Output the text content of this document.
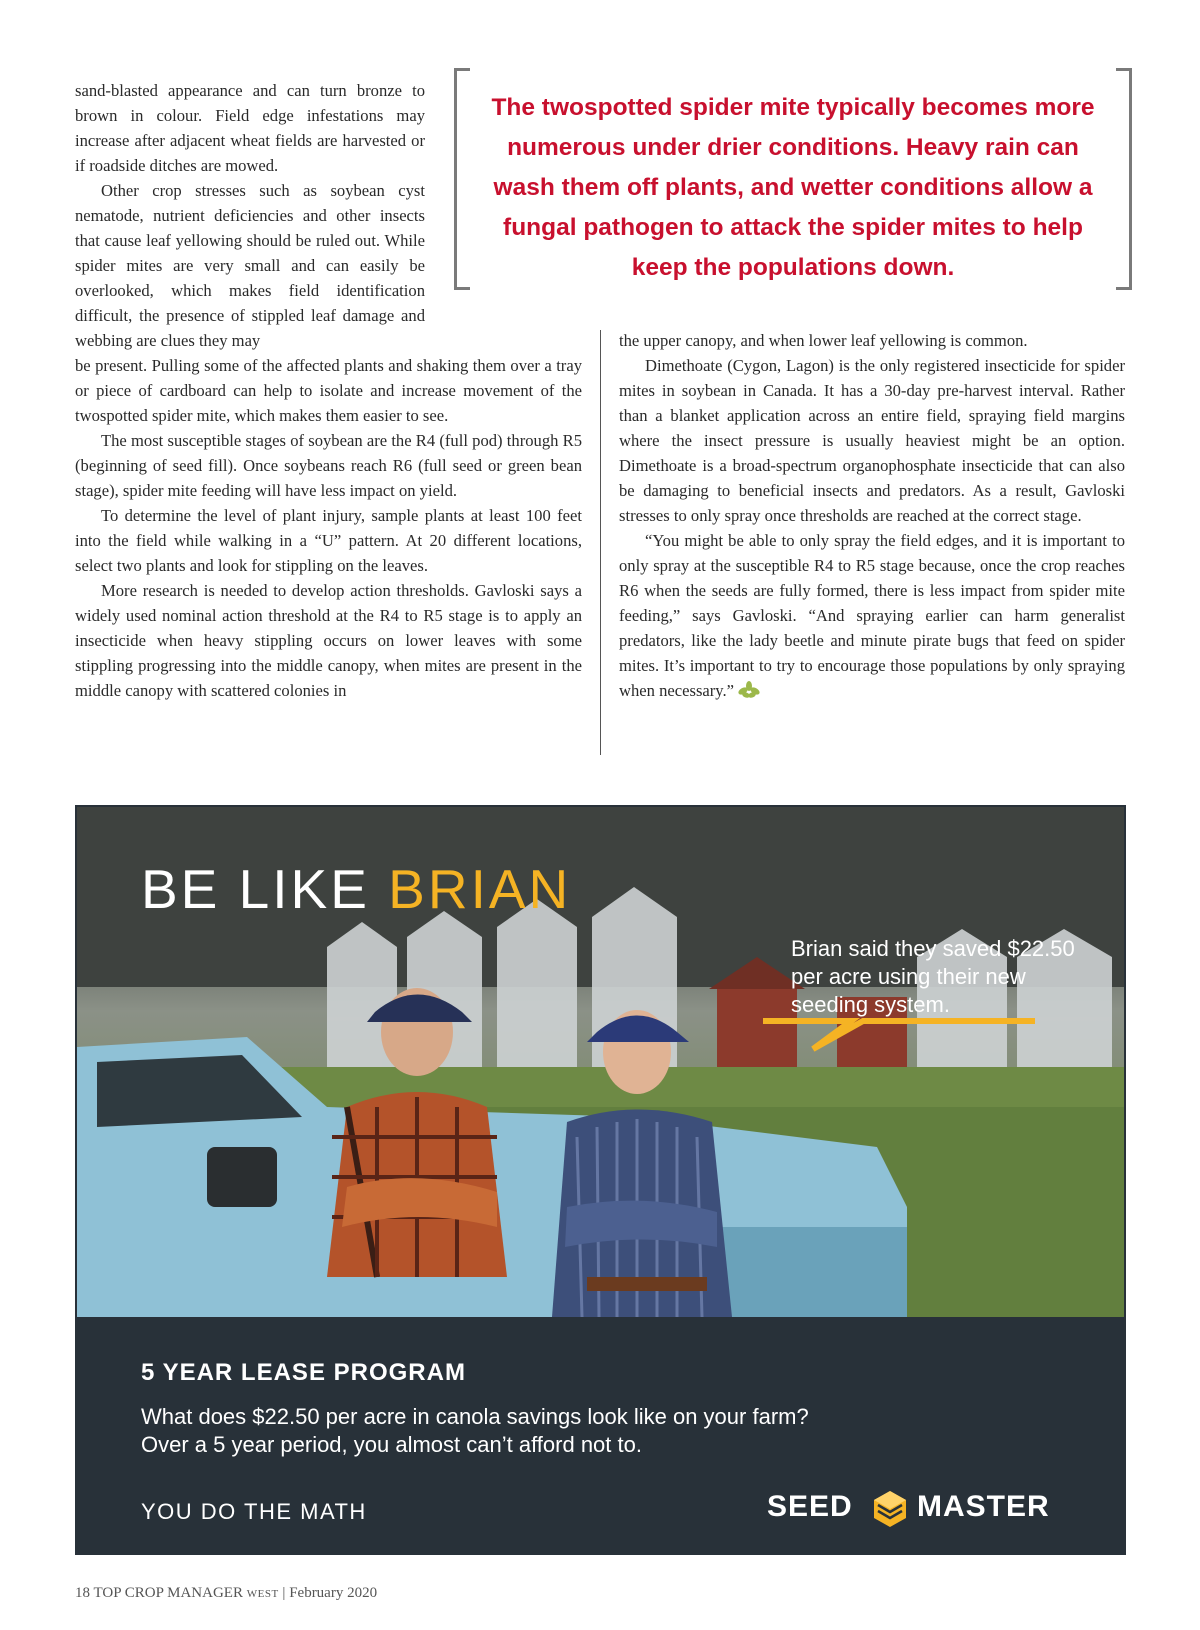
sand-blasted appearance and can turn bronze to brown in colour. Field edge infestations may increase after adjacent wheat fields are harvested or if roadside ditches are mowed.

Other crop stresses such as soybean cyst nematode, nutrient deficiencies and other insects that cause leaf yellowing should be ruled out. While spider mites are very small and can easily be overlooked, which makes field identification difficult, the presence of stippled leaf damage and webbing are clues they may

The twospotted spider mite typically becomes more numerous under drier conditions. Heavy rain can wash them off plants, and wetter conditions allow a fungal pathogen to attack the spider mites to help keep the populations down.

be present. Pulling some of the affected plants and shaking them over a tray or piece of cardboard can help to isolate and increase movement of the twospotted spider mite, which makes them easier to see.

The most susceptible stages of soybean are the R4 (full pod) through R5 (beginning of seed fill). Once soybeans reach R6 (full seed or green bean stage), spider mite feeding will have less impact on yield.

To determine the level of plant injury, sample plants at least 100 feet into the field while walking in a “U” pattern. At 20 different locations, select two plants and look for stippling on the leaves.

More research is needed to develop action thresholds. Gavloski says a widely used nominal action threshold at the R4 to R5 stage is to apply an insecticide when heavy stippling occurs on lower leaves with some stippling progressing into the middle canopy, when mites are present in the middle canopy with scattered colonies in

the upper canopy, and when lower leaf yellowing is common.

Dimethoate (Cygon, Lagon) is the only registered insecticide for spider mites in soybean in Canada. It has a 30-day pre-harvest interval. Rather than a blanket application across an entire field, spraying field margins where the insect pressure is usually heaviest might be an option. Dimethoate is a broad-spectrum organophosphate insecticide that can also be damaging to beneficial insects and predators. As a result, Gavloski stresses to only spray once thresholds are reached at the correct stage.

“You might be able to only spray the field edges, and it is important to only spray at the susceptible R4 to R5 stage because, once the crop reaches R6 when the seeds are fully formed, there is less impact from spider mite feeding,” says Gavloski. “And spraying earlier can harm generalist predators, like the lady beetle and minute pirate bugs that feed on spider mites. It’s important to try to encourage those populations by only spraying when necessary.”

BE LIKE BRIAN
Brian said they saved $22.50 per acre using their new seeding system.
5 YEAR LEASE PROGRAM
What does $22.50 per acre in canola savings look like on your farm?
Over a 5 year period, you almost can’t afford not to.
YOU DO THE MATH	SEED MASTER
18 TOP CROP MANAGER WEST | February 2020
